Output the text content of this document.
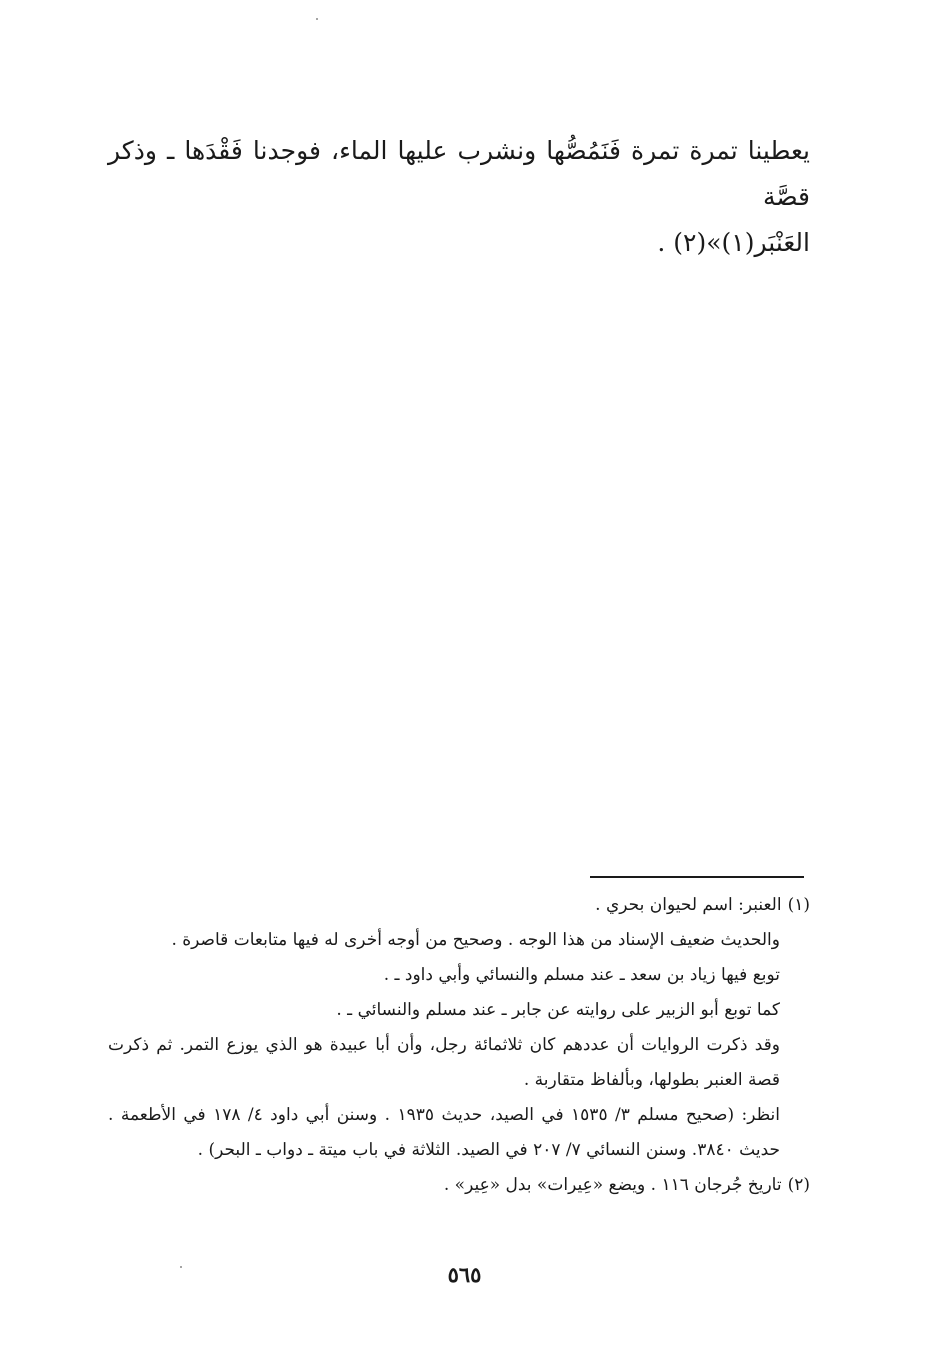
يعطينا تمرة تمرة فَنَمُصُّها ونشرب عليها الماء، فوجدنا فَقْدَها ـ وذكر قصَّة

العَنْبَر(١)»(٢) .

(١)العنبر: اسم لحيوان بحري .

والحديث ضعيف الإسناد من هذا الوجه . وصحيح من أوجه أخرى له فيها متابعات قاصرة .

توبع فيها زياد بن سعد ـ عند مسلم والنسائي وأبي داود ـ .

كما توبع أبو الزبير على روايته عن جابر ـ عند مسلم والنسائي ـ .

وقد ذكرت الروايات أن عددهم كان ثلاثمائة رجل، وأن أبا عبيدة هو الذي يوزع التمر. ثم ذكرت قصة العنبر بطولها، وبألفاظ متقاربة .

انظر: (صحيح مسلم ٣/ ١٥٣٥ في الصيد، حديث ١٩٣٥ . وسنن أبي داود ٤/ ١٧٨ في الأطعمة . حديث ٣٨٤٠. وسنن النسائي ٧/ ٢٠٧ في الصيد. الثلاثة في باب ميتة ـ دواب ـ البحر) .

(٢)تاريخ جُرجان ١١٦ . ويضع «عِيرات» بدل «عِير» .

٥٦٥
